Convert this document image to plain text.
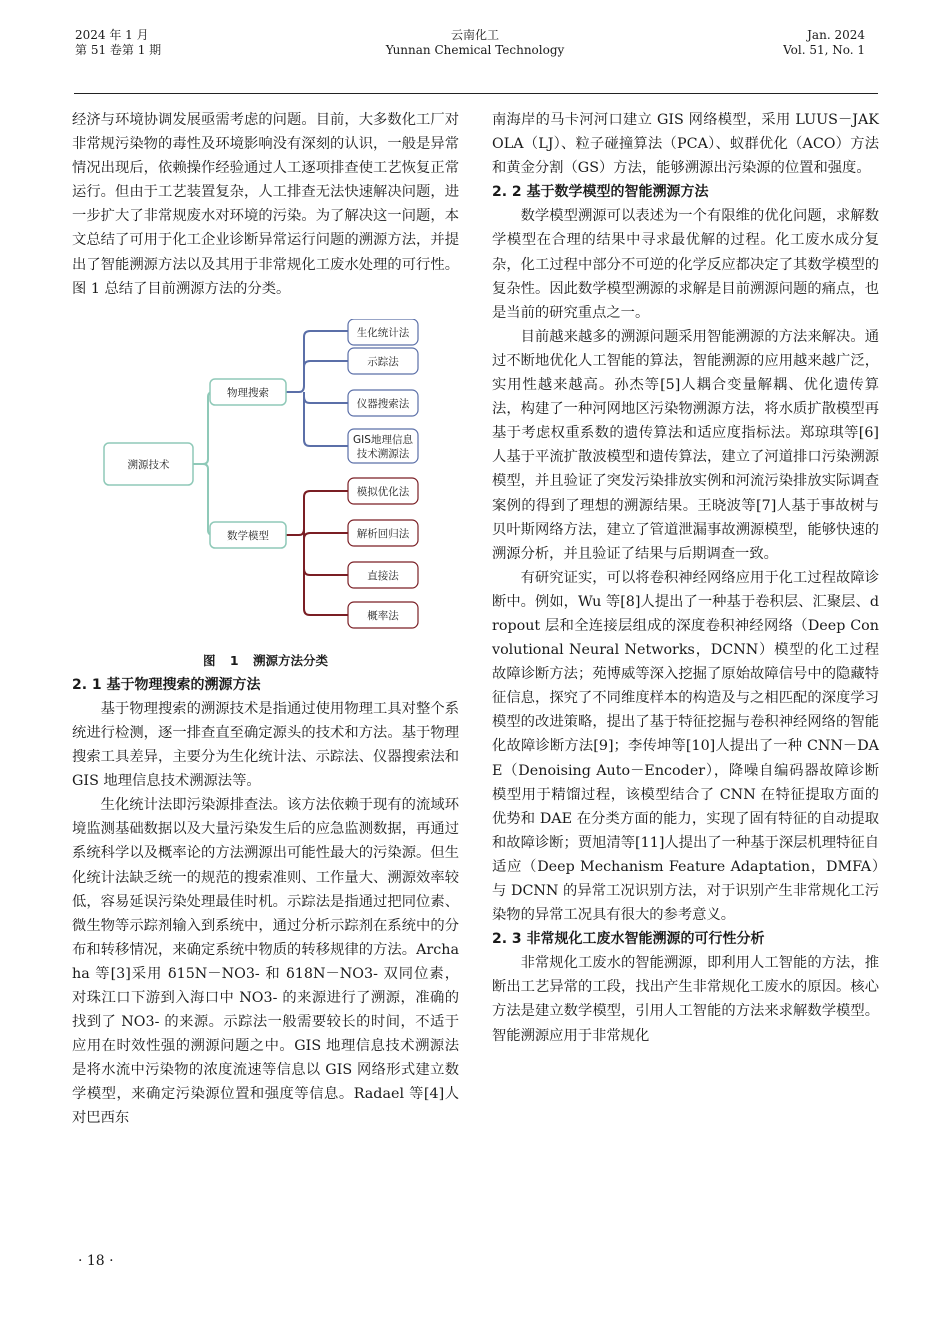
2024 年 1 月
第 51 卷第 1 期
云南化工
Yunnan Chemical Technology
Jan. 2024
Vol. 51, No. 1

经济与环境协调发展亟需考虑的问题。目前，大多数化工厂对非常规污染物的毒性及环境影响没有深刻的认识，一般是异常情况出现后，依赖操作经验通过人工逐项排查使工艺恢复正常运行。但由于工艺装置复杂，人工排查无法快速解决问题，进一步扩大了非常规废水对环境的污染。为了解决这一问题，本文总结了可用于化工企业诊断异常运行问题的溯源方法，并提出了智能溯源方法以及其用于非常规化工废水处理的可行性。图 1 总结了目前溯源方法的分类。

溯源技术
物理搜索
数学模型
生化统计法
示踪法
仪器搜索法
GIS地理信息
技术溯源法
模拟优化法
解析回归法
直接法
概率法
图 1 溯源方法分类
2. 1 基于物理搜索的溯源方法

基于物理搜索的溯源技术是指通过使用物理工具对整个系统进行检测，逐一排查直至确定源头的技术和方法。基于物理搜索工具差异，主要分为生化统计法、示踪法、仪器搜索法和 GIS 地理信息技术溯源法等。

生化统计法即污染源排查法。该方法依赖于现有的流域环境监测基础数据以及大量污染发生后的应急监测数据，再通过系统科学以及概率论的方法溯源出可能性最大的污染源。但生化统计法缺乏统一的规范的搜索准则、工作量大、溯源效率较低，容易延误污染处理最佳时机。示踪法是指通过把同位素、微生物等示踪剂输入到系统中，通过分析示踪剂在系统中的分布和转移情况，来确定系统中物质的转移规律的方法。Archaha 等[3]采用 δ15N－NO3- 和 δ18N－NO3- 双同位素，对珠江口下游到入海口中 NO3- 的来源进行了溯源，准确的找到了 NO3- 的来源。示踪法一般需要较长的时间，不适于应用在时效性强的溯源问题之中。GIS 地理信息技术溯源法是将水流中污染物的浓度流速等信息以 GIS 网络形式建立数学模型，来确定污染源位置和强度等信息。Radael 等[4]人对巴西东

南海岸的马卡河河口建立 GIS 网络模型，采用 LUUS－JAKOLA（LJ）、粒子碰撞算法（PCA）、蚁群优化（ACO）方法和黄金分割（GS）方法，能够溯源出污染源的位置和强度。

2. 2 基于数学模型的智能溯源方法

数学模型溯源可以表述为一个有限维的优化问题，求解数学模型在合理的结果中寻求最优解的过程。化工废水成分复杂，化工过程中部分不可逆的化学反应都决定了其数学模型的复杂性。因此数学模型溯源的求解是目前溯源问题的痛点，也是当前的研究重点之一。

目前越来越多的溯源问题采用智能溯源的方法来解决。通过不断地优化人工智能的算法，智能溯源的应用越来越广泛，实用性越来越高。孙杰等[5]人耦合变量解耦、优化遗传算法，构建了一种河网地区污染物溯源方法，将水质扩散模型再基于考虑权重系数的遗传算法和适应度指标法。郑琼琪等[6]人基于平流扩散波模型和遗传算法，建立了河道排口污染溯源模型，并且验证了突发污染排放实例和河流污染排放实际调查案例的得到了理想的溯源结果。王晓波等[7]人基于事故树与贝叶斯网络方法，建立了管道泄漏事故溯源模型，能够快速的溯源分析，并且验证了结果与后期调查一致。

有研究证实，可以将卷积神经网络应用于化工过程故障诊断中。例如，Wu 等[8]人提出了一种基于卷积层、汇聚层、dropout 层和全连接层组成的深度卷积神经网络（Deep Convolutional Neural Networks，DCNN）模型的化工过程故障诊断方法；苑博威等深入挖掘了原始故障信号中的隐藏特征信息，探究了不同维度样本的构造及与之相匹配的深度学习模型的改进策略，提出了基于特征挖掘与卷积神经网络的智能化故障诊断方法[9]；李传坤等[10]人提出了一种 CNN－DAE（Denoising Auto－Encoder），降噪自编码器故障诊断模型用于精馏过程，该模型结合了 CNN 在特征提取方面的优势和 DAE 在分类方面的能力，实现了固有特征的自动提取和故障诊断；贾旭清等[11]人提出了一种基于深层机理特征自适应（Deep Mechanism Feature Adaptation，DMFA）与 DCNN 的异常工况识别方法，对于识别产生非常规化工污染物的异常工况具有很大的参考意义。

2. 3 非常规化工废水智能溯源的可行性分析

非常规化工废水的智能溯源，即利用人工智能的方法，推断出工艺异常的工段，找出产生非常规化工废水的原因。核心方法是建立数学模型，引用人工智能的方法来求解数学模型。智能溯源应用于非常规化

· 18 ·
